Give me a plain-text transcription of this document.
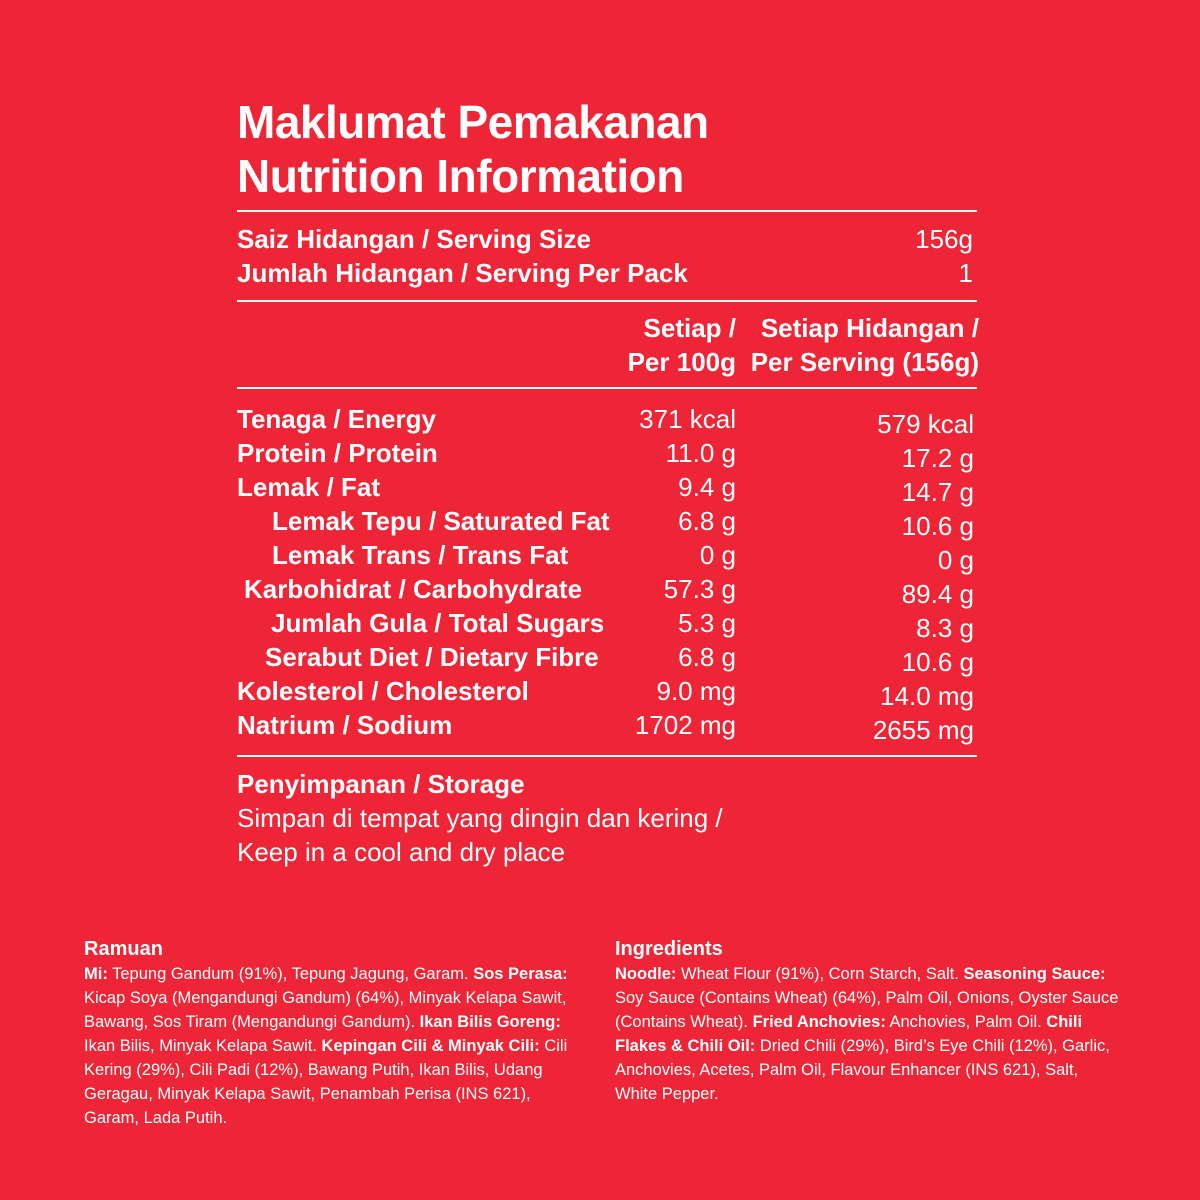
Maklumat Pemakanan

Nutrition Information

Saiz Hidangan / Serving Size	156g
Jumlah Hidangan / Serving Per Pack	1
Setiap /
Per 100g
Setiap Hidangan /
Per Serving (156g)
Tenaga / Energy	371 kcal	579 kcal
Protein / Protein	11.0 g	17.2 g
Lemak / Fat	9.4 g	14.7 g
Lemak Tepu / Saturated Fat	6.8 g	10.6 g
Lemak Trans / Trans Fat	0 g	0 g
Karbohidrat / Carbohydrate	57.3 g	89.4 g
Jumlah Gula / Total Sugars	5.3 g	8.3 g
Serabut Diet / Dietary Fibre	6.8 g	10.6 g
Kolesterol / Cholesterol	9.0 mg	14.0 mg
Natrium / Sodium	1702 mg	2655 mg
Penyimpanan / Storage
Simpan di tempat yang dingin dan kering /
Keep in a cool and dry place
Ramuan

Mi: Tepung Gandum (91%), Tepung Jagung, Garam. Sos Perasa: Kicap Soya (Mengandungi Gandum) (64%), Minyak Kelapa Sawit, Bawang, Sos Tiram (Mengandungi Gandum). Ikan Bilis Goreng: Ikan Bilis, Minyak Kelapa Sawit. Kepingan Cili & Minyak Cili: Cili Kering (29%), Cili Padi (12%), Bawang Putih, Ikan Bilis, Udang Geragau, Minyak Kelapa Sawit, Penambah Perisa (INS 621), Garam, Lada Putih.

Ingredients

Noodle: Wheat Flour (91%), Corn Starch, Salt. Seasoning Sauce: Soy Sauce (Contains Wheat) (64%), Palm Oil, Onions, Oyster Sauce (Contains Wheat). Fried Anchovies: Anchovies, Palm Oil. Chili Flakes & Chili Oil: Dried Chili (29%), Bird’s Eye Chili (12%), Garlic, Anchovies, Acetes, Palm Oil, Flavour Enhancer (INS 621), Salt, White Pepper.
